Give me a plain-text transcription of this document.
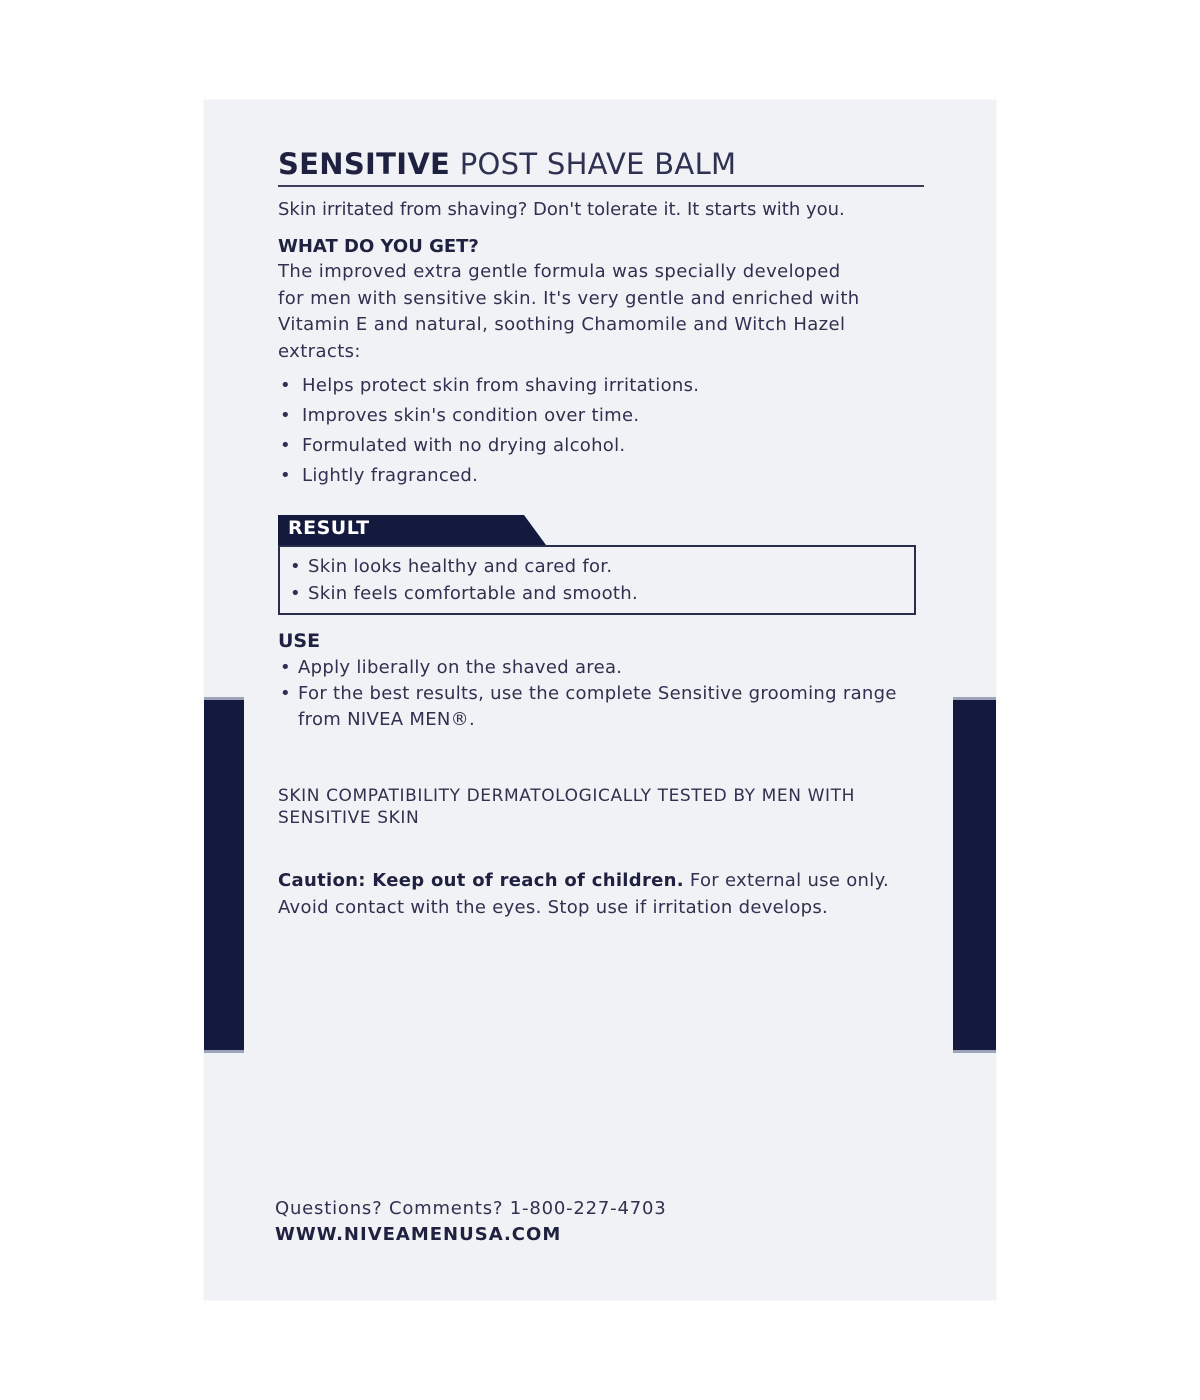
SENSITIVE POST SHAVE BALM
Skin irritated from shaving? Don't tolerate it. It starts with you.
WHAT DO YOU GET?
The improved extra gentle formula was specially developed
for men with sensitive skin. It's very gentle and enriched with
Vitamin E and natural, soothing Chamomile and Witch Hazel
extracts:
• Helps protect skin from shaving irritations.
• Improves skin's condition over time.
• Formulated with no drying alcohol.
• Lightly fragranced.
RESULT
• Skin looks healthy and cared for.
• Skin feels comfortable and smooth.
USE
• Apply liberally on the shaved area.
• For the best results, use the complete Sensitive grooming range from NIVEA MEN®.
SKIN COMPATIBILITY DERMATOLOGICALLY TESTED BY MEN WITH
SENSITIVE SKIN
Caution: Keep out of reach of children. For external use only.
Avoid contact with the eyes. Stop use if irritation develops.
Questions? Comments? 1-800-227-4703
WWW.NIVEAMENUSA.COM
